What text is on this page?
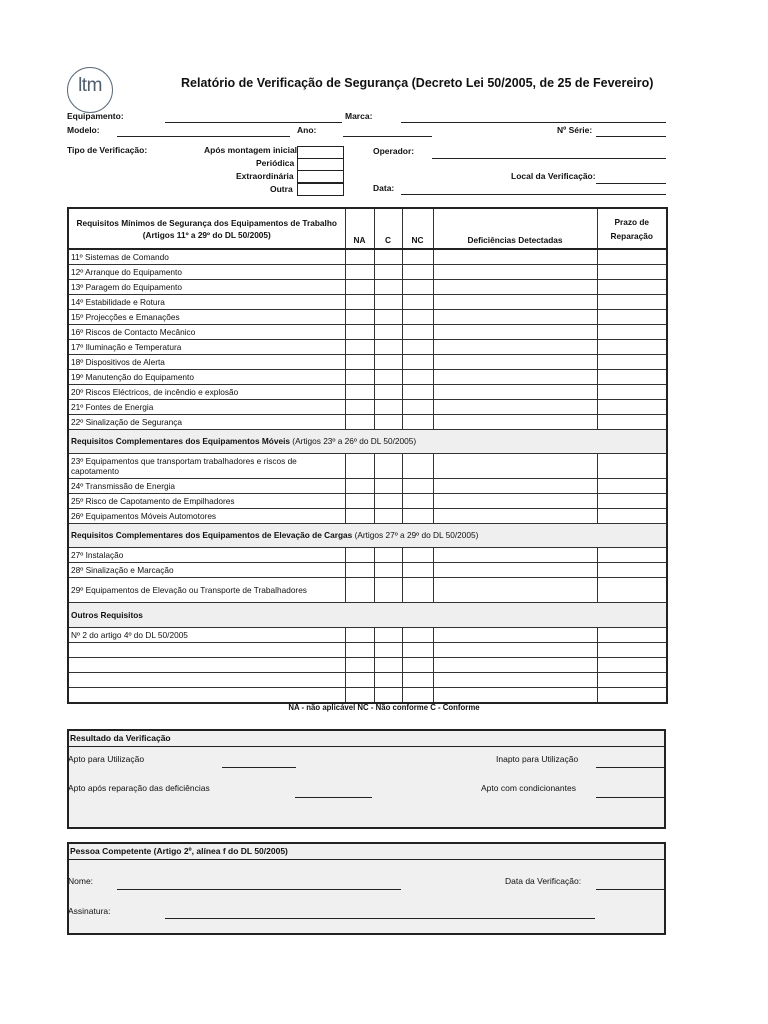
ltm	Relatório de Verificação de Segurança (Decreto Lei 50/2005, de 25 de Fevereiro)
Equipamento:	Marca:
Modelo:	Ano:	Nº Série:
Tipo de Verificação:	Após montagem inicial
Periódica
Extraordinária
Outra
Operador:
Local da Verificação:
Data:
Requisitos Mínimos de Segurança dos Equipamentos de Trabalho (Artigos 11º a 29º do DL 50/2005)	NA	C	NC	Deficiências Detectadas	Prazo de Reparação
11º Sistemas de Comando					
12º Arranque do Equipamento					
13º Paragem do Equipamento					
14º Estabilidade e Rotura					
15º Projecções e Emanações					
16º Riscos de Contacto Mecânico					
17º Iluminação e Temperatura					
18º Dispositivos de Alerta					
19º Manutenção do Equipamento					
20º Riscos Eléctricos, de incêndio e explosão					
21º Fontes de Energia					
22º Sinalização de Segurança					
Requisitos Complementares dos Equipamentos Móveis (Artigos 23º a 26º do DL 50/2005)					
23º Equipamentos que transportam trabalhadores e riscos de capotamento					
24º Transmissão de Energia					
25º Risco de Capotamento de Empilhadores					
26º Equipamentos Móveis Automotores					
Requisitos Complementares dos Equipamentos de Elevação de Cargas (Artigos 27º a 29º do DL 50/2005)					
27º Instalação					
28º Sinalização e Marcação					
29º Equipamentos de Elevação ou Transporte de Trabalhadores					
Outros Requisitos					
Nº 2 do artigo 4º do DL 50/2005					

NA - não aplicável NC - Não conforme C - Conforme
Resultado da Verificação
Apto para Utilização	Inapto para Utilização
Apto após reparação das deficiências	Apto com condicionantes
Pessoa Competente (Artigo 2º, alínea f do DL 50/2005)
Nome:	Data da Verificação:
Assinatura:
